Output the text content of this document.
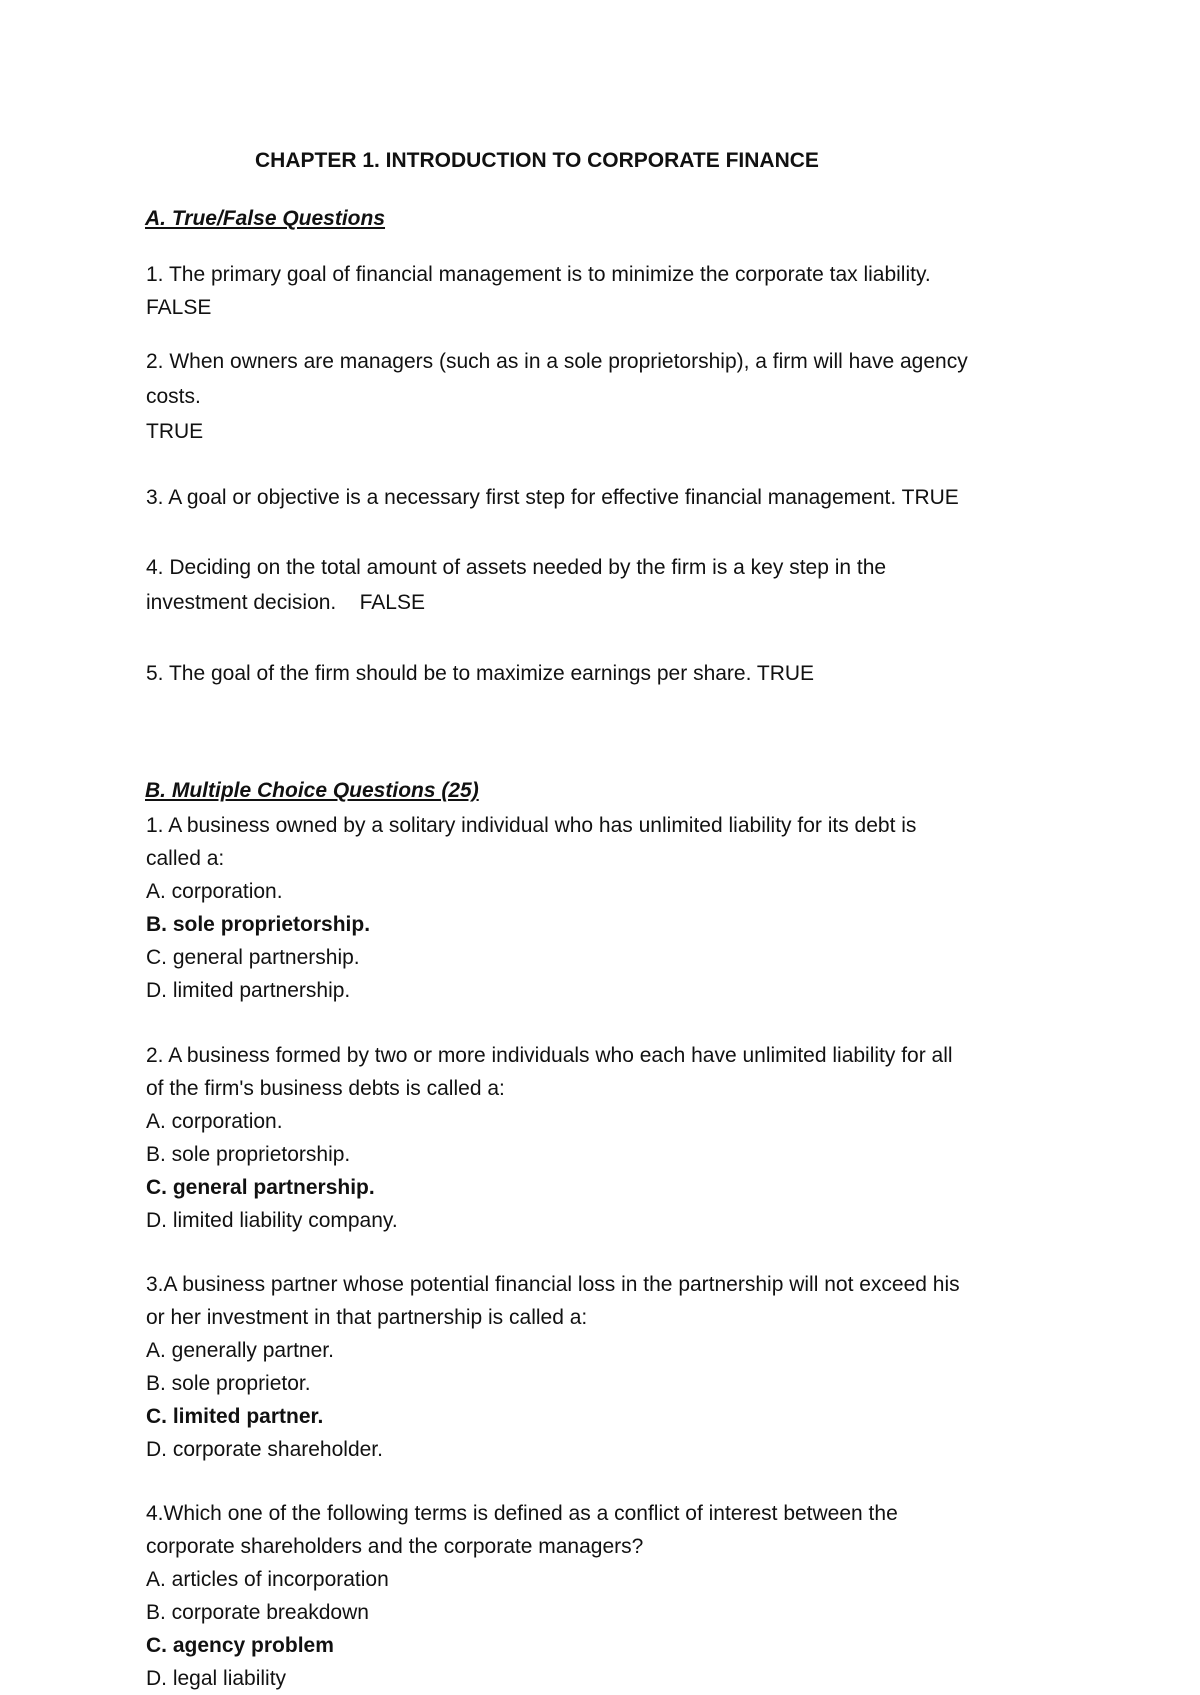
CHAPTER 1. INTRODUCTION TO CORPORATE FINANCE
A. True/False Questions
1. The primary goal of financial management is to minimize the corporate tax liability.
FALSE
2. When owners are managers (such as in a sole proprietorship), a firm will have agency
costs.
TRUE
3. A goal or objective is a necessary first step for effective financial management. TRUE
4. Deciding on the total amount of assets needed by the firm is a key step in the
investment decision.    FALSE
5. The goal of the firm should be to maximize earnings per share. TRUE
B. Multiple Choice Questions (25)
1. A business owned by a solitary individual who has unlimited liability for its debt is
called a:
A. corporation.
B. sole proprietorship.
C. general partnership.
D. limited partnership.
2. A business formed by two or more individuals who each have unlimited liability for all
of the firm's business debts is called a:
A. corporation.
B. sole proprietorship.
C. general partnership.
D. limited liability company.
3.A business partner whose potential financial loss in the partnership will not exceed his
or her investment in that partnership is called a:
A. generally partner.
B. sole proprietor.
C. limited partner.
D. corporate shareholder.
4.Which one of the following terms is defined as a conflict of interest between the
corporate shareholders and the corporate managers?
A. articles of incorporation
B. corporate breakdown
C. agency problem
D. legal liability
